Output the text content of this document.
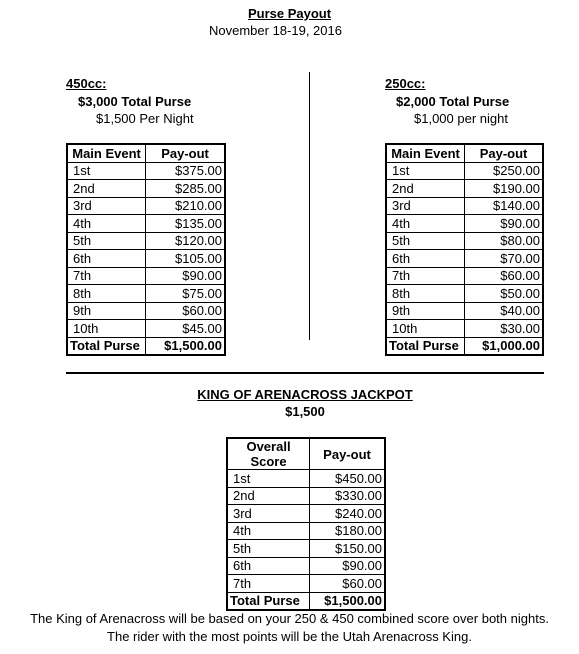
Purse Payout
November 18-19, 2016
450cc:
$3,000 Total Purse
$1,500 Per Night
Main Event	Pay-out
1st	$375.00
2nd	$285.00
3rd	$210.00
4th	$135.00
5th	$120.00
6th	$105.00
7th	$90.00
8th	$75.00
9th	$60.00
10th	$45.00
Total Purse	$1,500.00
250cc:
$2,000 Total Purse
$1,000 per night
Main Event	Pay-out
1st	$250.00
2nd	$190.00
3rd	$140.00
4th	$90.00
5th	$80.00
6th	$70.00
7th	$60.00
8th	$50.00
9th	$40.00
10th	$30.00
Total Purse	$1,000.00
KING OF ARENACROSS JACKPOT
$1,500
Overall Score	Pay-out
1st	$450.00
2nd	$330.00
3rd	$240.00
4th	$180.00
5th	$150.00
6th	$90.00
7th	$60.00
Total Purse	$1,500.00
The King of Arenacross will be based on your 250 & 450 combined score over both nights.
The rider with the most points will be the Utah Arenacross King.
